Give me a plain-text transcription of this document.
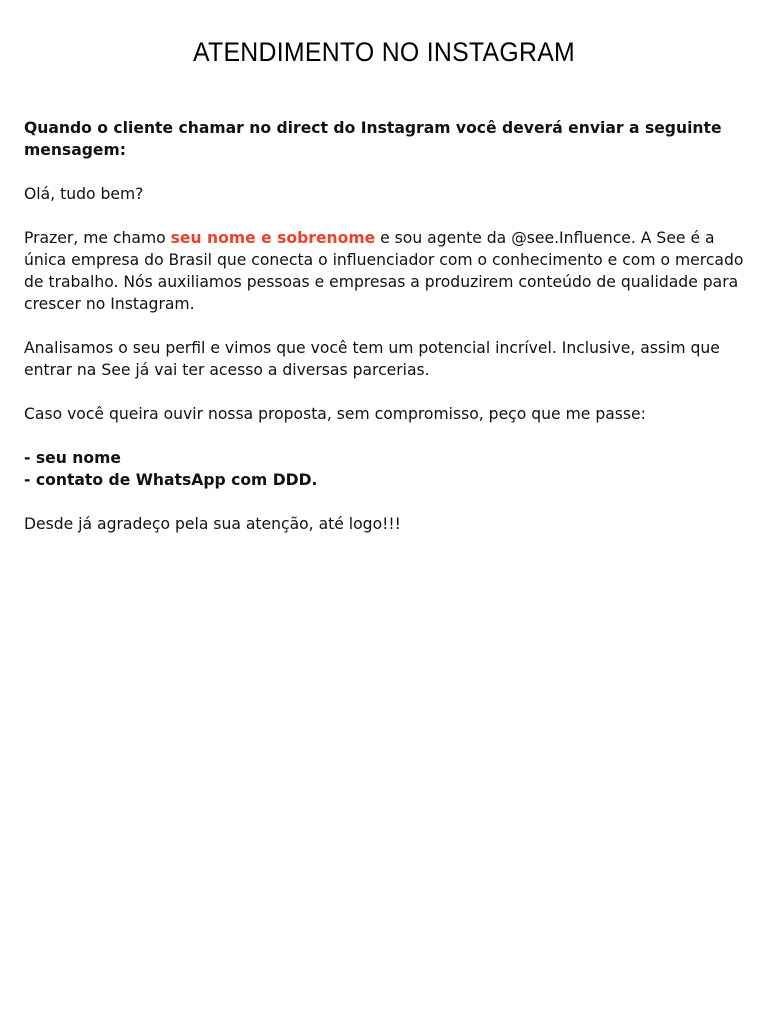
ATENDIMENTO NO INSTAGRAM

Quando o cliente chamar no direct do Instagram você deverá enviar a seguinte mensagem:

Olá, tudo bem?

Prazer, me chamo seu nome e sobrenome e sou agente da @see.Influence. A See é a única empresa do Brasil que conecta o influenciador com o conhecimento e com o mercado de trabalho. Nós auxiliamos pessoas e empresas a produzirem conteúdo de qualidade para crescer no Instagram.

Analisamos o seu perfil e vimos que você tem um potencial incrível. Inclusive, assim que entrar na See já vai ter acesso a diversas parcerias.

Caso você queira ouvir nossa proposta, sem compromisso, peço que me passe:

- seu nome
- contato de WhatsApp com DDD.

Desde já agradeço pela sua atenção, até logo!!!
